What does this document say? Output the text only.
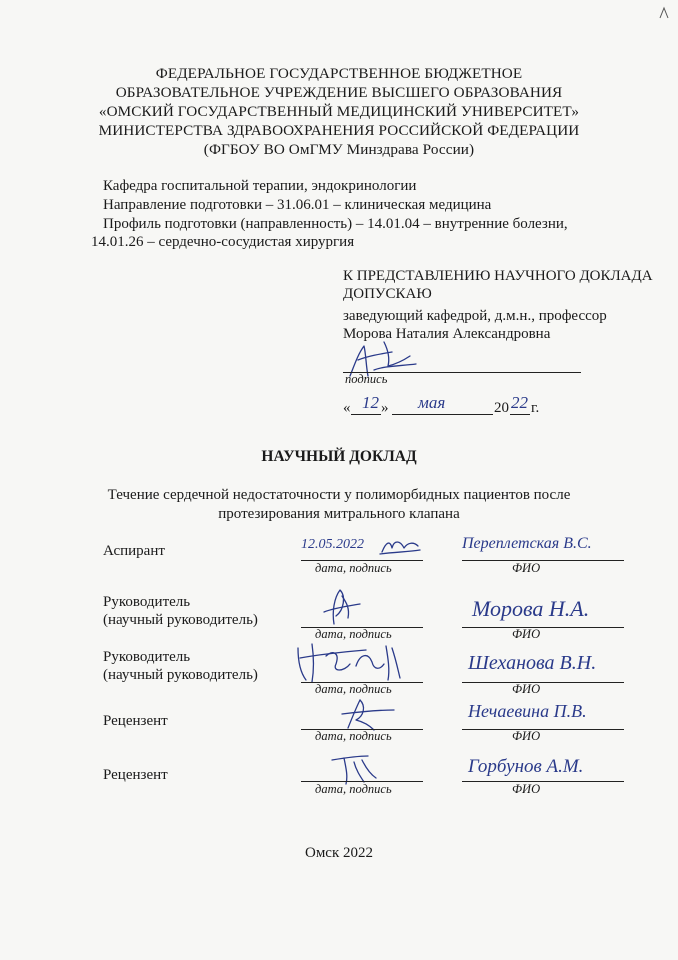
ФЕДЕРАЛЬНОЕ ГОСУДАРСТВЕННОЕ БЮДЖЕТНОЕ
ОБРАЗОВАТЕЛЬНОЕ УЧРЕЖДЕНИЕ ВЫСШЕГО ОБРАЗОВАНИЯ
«ОМСКИЙ ГОСУДАРСТВЕННЫЙ МЕДИЦИНСКИЙ УНИВЕРСИТЕТ»
МИНИСТЕРСТВА ЗДРАВООХРАНЕНИЯ РОССИЙСКОЙ ФЕДЕРАЦИИ
(ФГБОУ ВО ОмГМУ Минздрава России)
Кафедра госпитальной терапии, эндокринологии
Направление подготовки – 31.06.01 – клиническая медицина
Профиль подготовки (направленность) – 14.01.04 – внутренние болезни,
14.01.26 – сердечно-сосудистая хирургия
К ПРЕДСТАВЛЕНИЮ НАУЧНОГО ДОКЛАДА
ДОПУСКАЮ
заведующий кафедрой, д.м.н., профессор
Морова Наталия Александровна
подпись
« 12 » мая	20 22 г.
НАУЧНЫЙ ДОКЛАД
Течение сердечной недостаточности у полиморбидных пациентов после
протезирования митрального клапана
Аспирант	12.05.2022
дата, подпись
Переплетская В.С.
ФИО
Руководитель
(научный руководитель)
дата, подпись
Морова Н.А.
ФИО
Руководитель
(научный руководитель)
дата, подпись
Шеханова В.Н.
ФИО
Рецензент
дата, подпись
Нечаевина П.В.
ФИО
Рецензент
дата, подпись
Горбунов А.М.
ФИО
Омск 2022
